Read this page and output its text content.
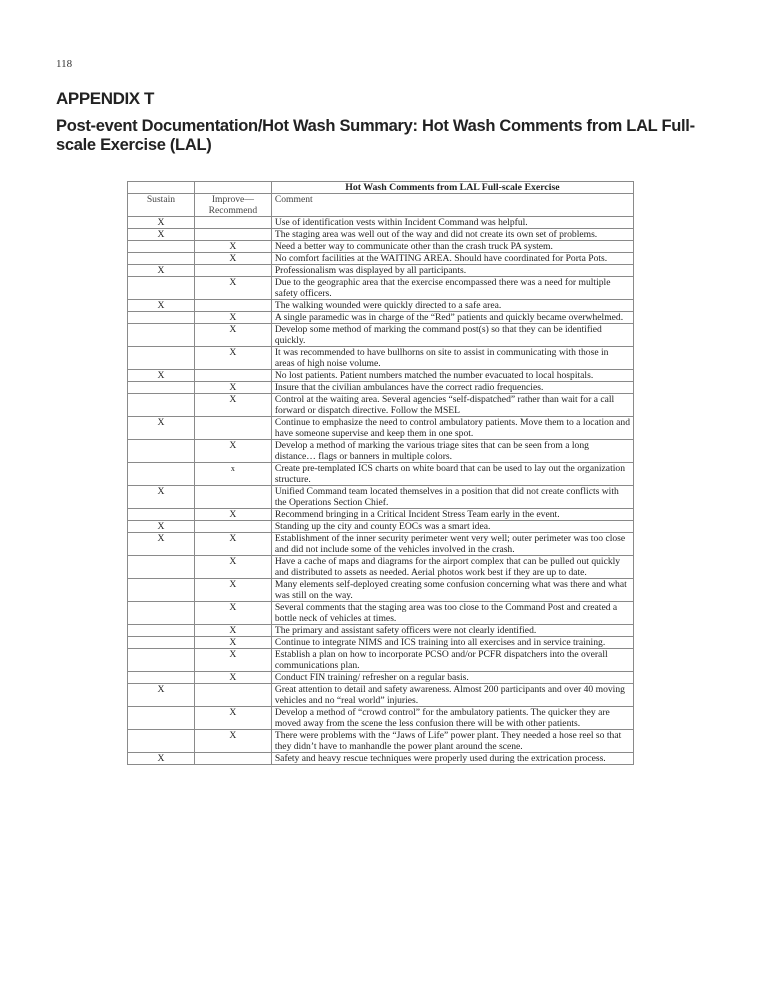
118
APPENDIX T
Post-event Documentation/Hot Wash Summary: Hot Wash Comments from LAL Full-scale Exercise (LAL)
		Hot Wash Comments from LAL Full-scale Exercise
Sustain	Improve—Recommend	Comment
X		Use of identification vests within Incident Command was helpful.
X		The staging area was well out of the way and did not create its own set of problems.
	X	Need a better way to communicate other than the crash truck PA system.
	X	No comfort facilities at the WAITING AREA. Should have coordinated for Porta Pots.
X		Professionalism was displayed by all participants.
	X	Due to the geographic area that the exercise encompassed there was a need for multiple safety officers.
X		The walking wounded were quickly directed to a safe area.
	X	A single paramedic was in charge of the “Red” patients and quickly became overwhelmed.
	X	Develop some method of marking the command post(s) so that they can be identified quickly.
	X	It was recommended to have bullhorns on site to assist in communicating with those in areas of high noise volume.
X		No lost patients. Patient numbers matched the number evacuated to local hospitals.
	X	Insure that the civilian ambulances have the correct radio frequencies.
	X	Control at the waiting area. Several agencies “self-dispatched” rather than wait for a call forward or dispatch directive. Follow the MSEL
X		Continue to emphasize the need to control ambulatory patients. Move them to a location and have someone supervise and keep them in one spot.
	X	Develop a method of marking the various triage sites that can be seen from a long distance… flags or banners in multiple colors.
	x	Create pre-templated ICS charts on white board that can be used to lay out the organization structure.
X		Unified Command team located themselves in a position that did not create conflicts with the Operations Section Chief.
	X	Recommend bringing in a Critical Incident Stress Team early in the event.
X		Standing up the city and county EOCs was a smart idea.
X	X	Establishment of the inner security perimeter went very well; outer perimeter was too close and did not include some of the vehicles involved in the crash.
	X	Have a cache of maps and diagrams for the airport complex that can be pulled out quickly and distributed to assets as needed. Aerial photos work best if they are up to date.
	X	Many elements self-deployed creating some confusion concerning what was there and what was still on the way.
	X	Several comments that the staging area was too close to the Command Post and created a bottle neck of vehicles at times.
	X	The primary and assistant safety officers were not clearly identified.
	X	Continue to integrate NIMS and ICS training into all exercises and in service training.
	X	Establish a plan on how to incorporate PCSO and/or PCFR dispatchers into the overall communications plan.
	X	Conduct FIN training/ refresher on a regular basis.
X		Great attention to detail and safety awareness. Almost 200 participants and over 40 moving vehicles and no “real world” injuries.
	X	Develop a method of “crowd control” for the ambulatory patients. The quicker they are moved away from the scene the less confusion there will be with other patients.
	X	There were problems with the “Jaws of Life” power plant. They needed a hose reel so that they didn’t have to manhandle the power plant around the scene.
X		Safety and heavy rescue techniques were properly used during the extrication process.
